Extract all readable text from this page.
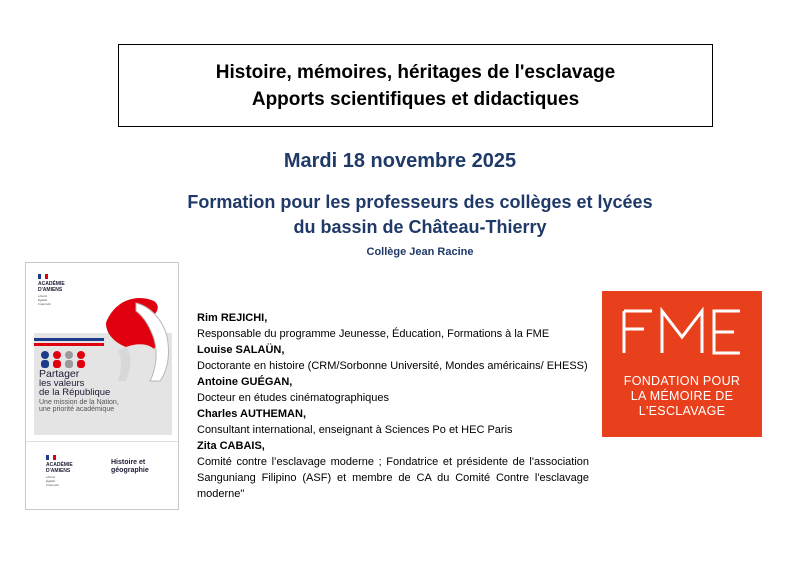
Histoire, mémoires, héritages de l'esclavage
Apports scientifiques et didactiques
Mardi 18 novembre 2025
Formation pour les professeurs des collèges et lycées
du bassin de Château-Thierry
Collège Jean Racine
ACADÉMIE
D'AMIENS
Liberté
Égalité
Fraternité
Partager
les valeurs
de la République
Une mission de la Nation,
une priorité académique
ACADÉMIE
D'AMIENS
Liberté
Égalité
Fraternité
Histoire et
géographie
Rim REJICHI,
Responsable du programme Jeunesse, Éducation, Formations à la FME
Louise SALAÜN,
Doctorante en histoire (CRM/Sorbonne Université, Mondes américains/ EHESS)
Antoine GUÉGAN,
Docteur en études cinématographiques
Charles AUTHEMAN,
Consultant international, enseignant à Sciences Po et HEC Paris
Zita CABAIS,
Comité contre l’esclavage moderne ; Fondatrice et présidente de l'association Sanguniang Filipino (ASF) et membre de CA du Comité Contre l'esclavage moderne"
FONDATION POUR
LA MÉMOIRE DE
L'ESCLAVAGE
